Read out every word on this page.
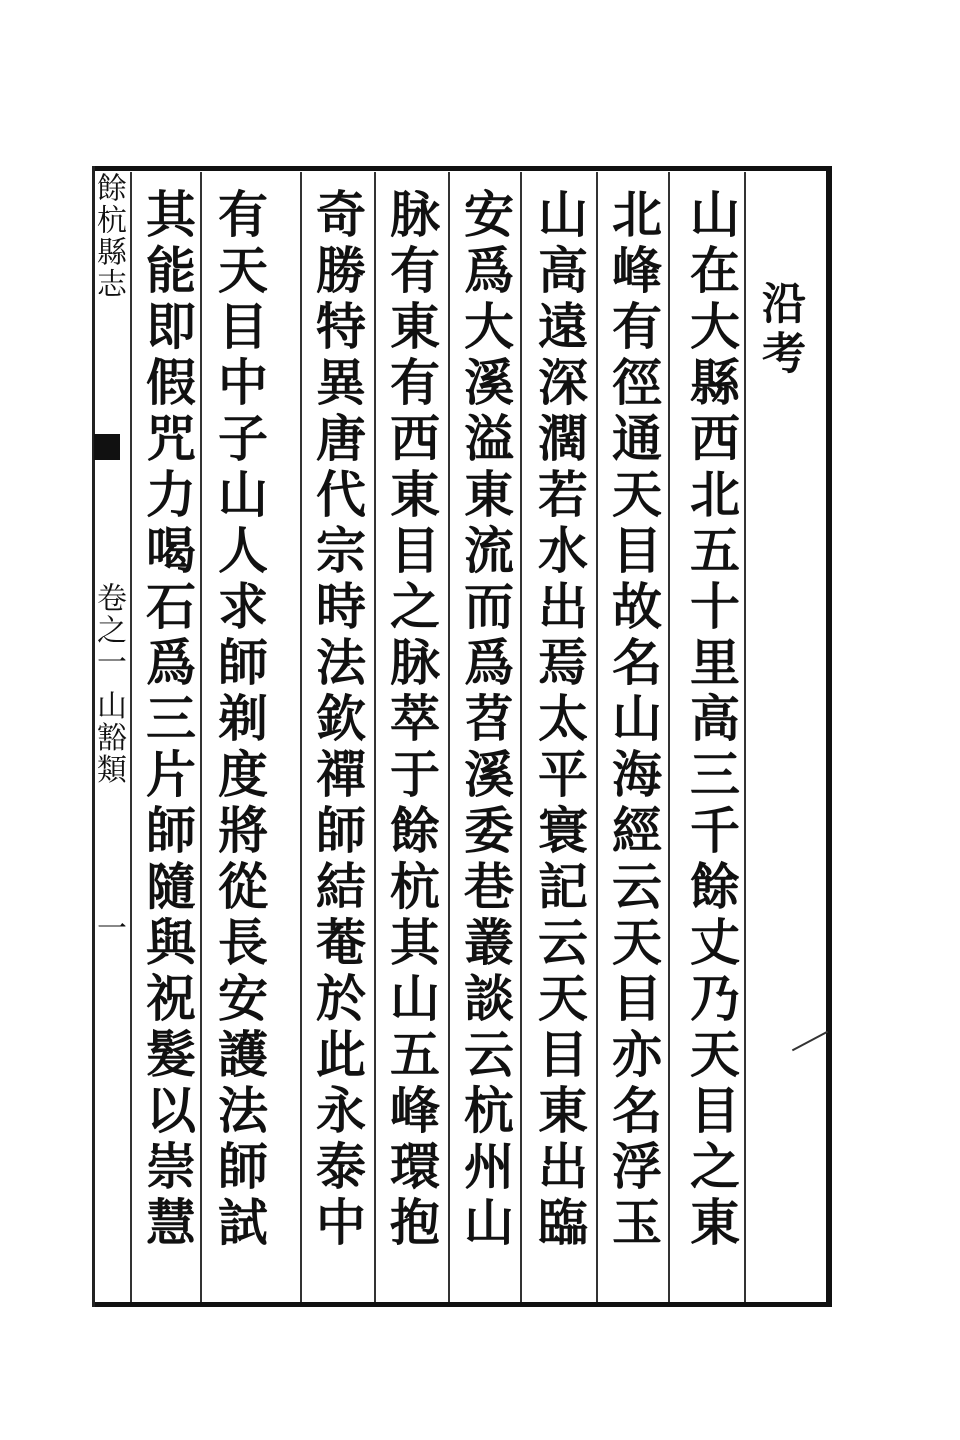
沿考
山在大縣西北五十里高三千餘丈乃天目之東
北峰有徑通天目故名山海經云天目亦名浮玉
山高遠深濶若水出焉太平寰記云天目東出臨
安爲大溪溢東流而爲苕溪委巷叢談云杭州山
脉有東有西東目之脉萃于餘杭其山五峰環抱
奇勝特異唐代宗時法欽禪師結菴於此永泰中
有天目中子山人求師剃度將從長安護法師試
其能即假咒力喝石爲三片師隨與祝髮以崇慧
餘杭縣志
卷之一 山豁類
一
